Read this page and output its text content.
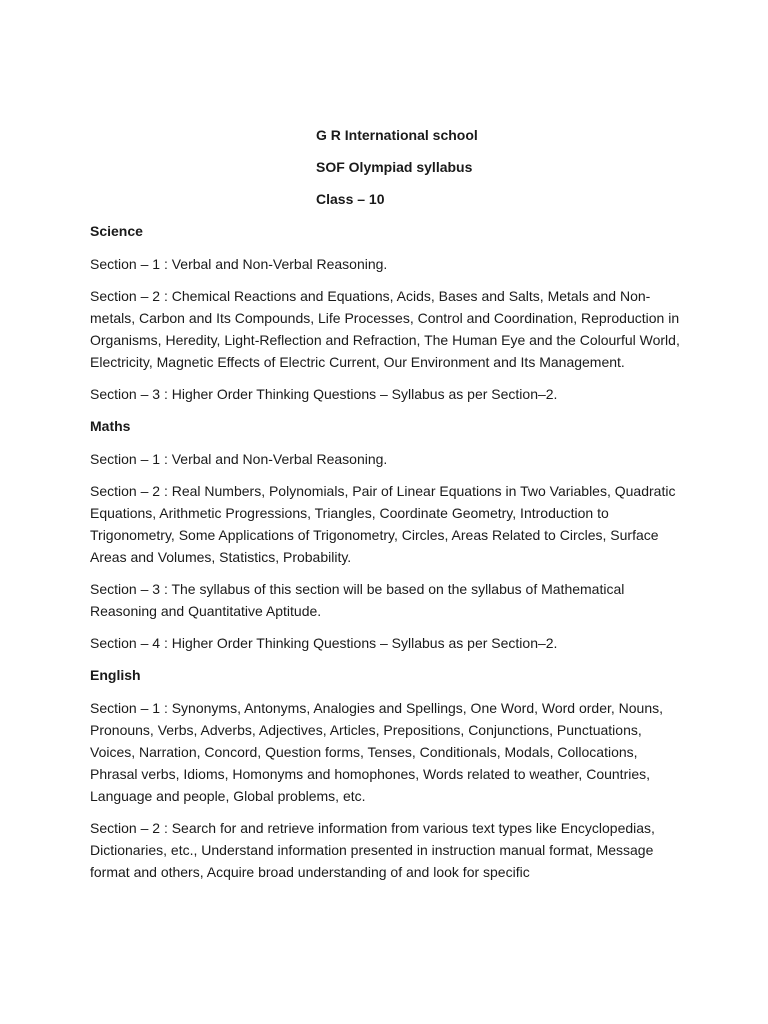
G R International school
SOF Olympiad syllabus
Class – 10
Science
Section – 1 : Verbal and Non-Verbal Reasoning.
Section – 2 : Chemical Reactions and Equations, Acids, Bases and Salts, Metals and Non-metals, Carbon and Its Compounds, Life Processes, Control and Coordination, Reproduction in Organisms, Heredity, Light-Reflection and Refraction, The Human Eye and the Colourful World, Electricity, Magnetic Effects of Electric Current, Our Environment and Its Management.
Section – 3 : Higher Order Thinking Questions – Syllabus as per Section–2.
Maths
Section – 1 : Verbal and Non-Verbal Reasoning.
Section – 2 : Real Numbers, Polynomials, Pair of Linear Equations in Two Variables, Quadratic Equations, Arithmetic Progressions, Triangles, Coordinate Geometry, Introduction to Trigonometry, Some Applications of Trigonometry, Circles, Areas Related to Circles, Surface Areas and Volumes, Statistics, Probability.
Section – 3 : The syllabus of this section will be based on the syllabus of Mathematical Reasoning and Quantitative Aptitude.
Section – 4 : Higher Order Thinking Questions – Syllabus as per Section–2.
English
Section – 1 : Synonyms, Antonyms, Analogies and Spellings, One Word, Word order, Nouns, Pronouns, Verbs, Adverbs, Adjectives, Articles, Prepositions, Conjunctions, Punctuations, Voices, Narration, Concord, Question forms, Tenses, Conditionals, Modals, Collocations, Phrasal verbs, Idioms, Homonyms and homophones, Words related to weather, Countries, Language and people, Global problems, etc.
Section – 2 : Search for and retrieve information from various text types like Encyclopedias, Dictionaries, etc., Understand information presented in instruction manual format, Message format and others, Acquire broad understanding of and look for specific
